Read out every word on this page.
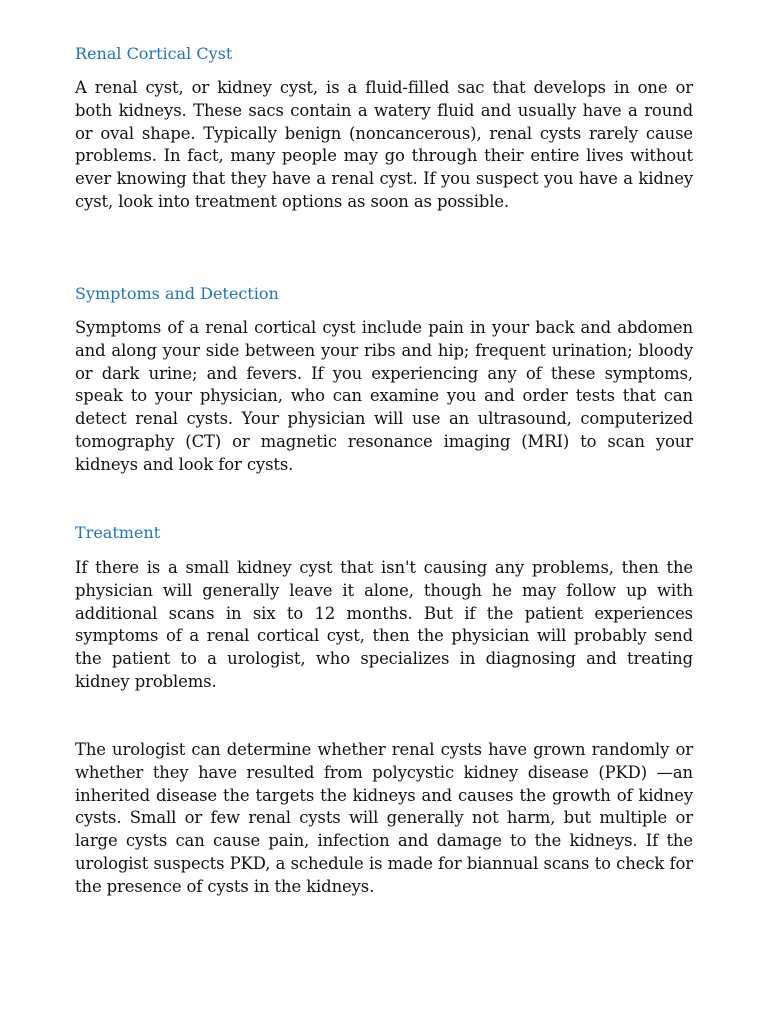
Renal Cortical Cyst

A renal cyst, or kidney cyst, is a fluid-filled sac that develops in one or both kidneys. These sacs contain a watery fluid and usually have a round or oval shape. Typically benign (noncancerous), renal cysts rarely cause problems. In fact, many people may go through their entire lives without ever knowing that they have a renal cyst. If you suspect you have a kidney cyst, look into treatment options as soon as possible.

Symptoms and Detection

Symptoms of a renal cortical cyst include pain in your back and abdomen and along your side between your ribs and hip; frequent urination; bloody or dark urine; and fevers. If you experiencing any of these symptoms, speak to your physician, who can examine you and order tests that can detect renal cysts. Your physician will use an ultrasound, computerized tomography (CT) or magnetic resonance imaging (MRI) to scan your kidneys and look for cysts.

Treatment

If there is a small kidney cyst that isn't causing any problems, then the physician will generally leave it alone, though he may follow up with additional scans in six to 12 months. But if the patient experiences symptoms of a renal cortical cyst, then the physician will probably send the patient to a urologist, who specializes in diagnosing and treating kidney problems.

The urologist can determine whether renal cysts have grown randomly or whether they have resulted from polycystic kidney disease (PKD) —an inherited disease the targets the kidneys and causes the growth of kidney cysts. Small or few renal cysts will generally not harm, but multiple or large cysts can cause pain, infection and damage to the kidneys. If the urologist suspects PKD, a schedule is made for biannual scans to check for the presence of cysts in the kidneys.
